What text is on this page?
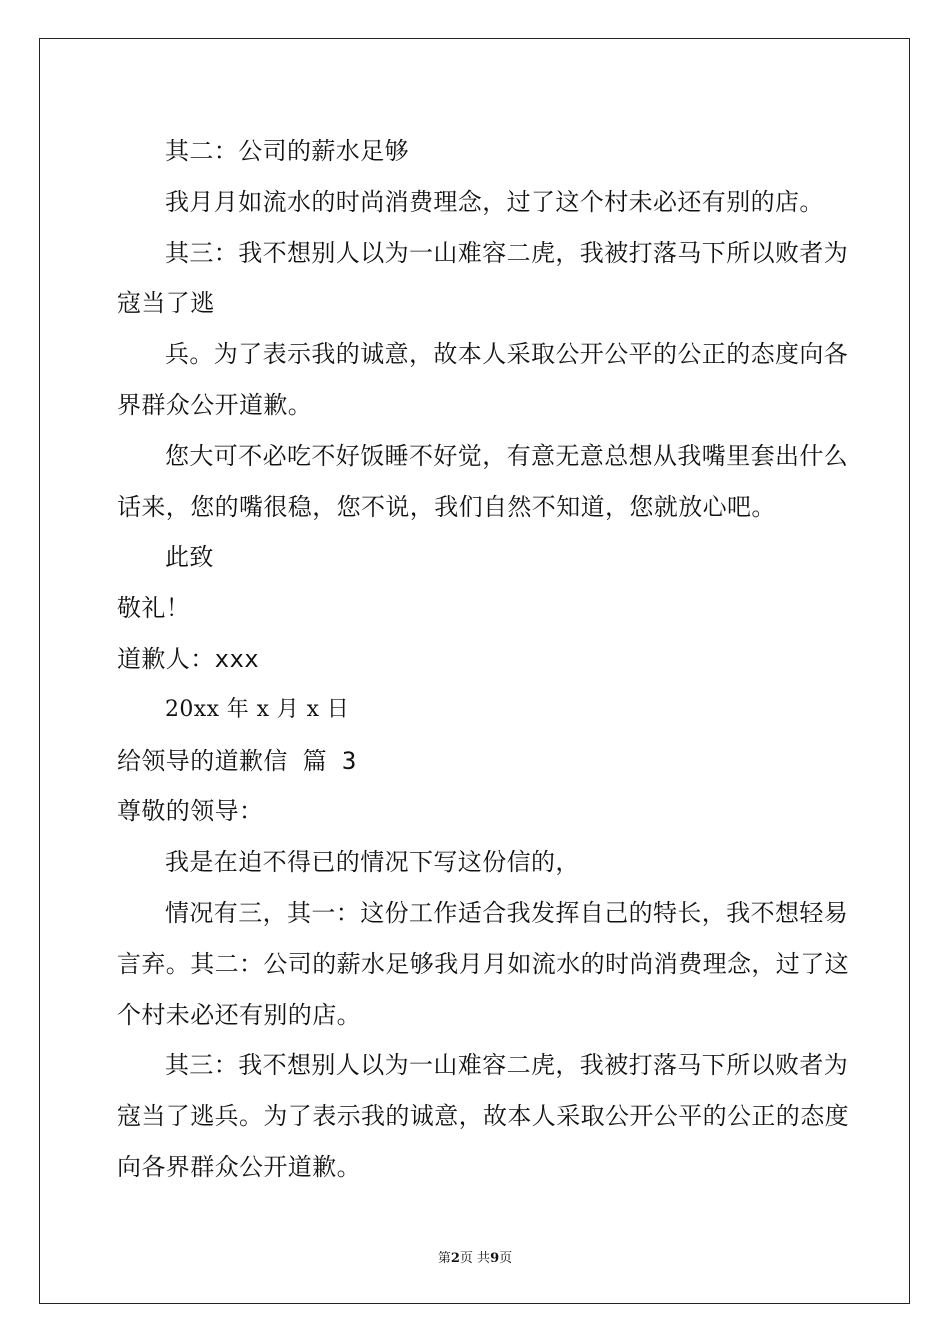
其二：公司的薪水足够
我月月如流水的时尚消费理念，过了这个村未必还有别的店。
其三：我不想别人以为一山难容二虎，我被打落马下所以败者为
寇当了逃
兵。为了表示我的诚意，故本人采取公开公平的公正的态度向各
界群众公开道歉。
您大可不必吃不好饭睡不好觉，有意无意总想从我嘴里套出什么
话来，您的嘴很稳，您不说，我们自然不知道，您就放心吧。
此致
敬礼！
道歉人：xxx
20xx 年 x 月 x 日
给领导的道歉信 篇 3
尊敬的领导：
我是在迫不得已的情况下写这份信的，
情况有三，其一：这份工作适合我发挥自己的特长，我不想轻易
言弃。其二：公司的薪水足够我月月如流水的时尚消费理念，过了这
个村未必还有别的店。
其三：我不想别人以为一山难容二虎，我被打落马下所以败者为
寇当了逃兵。为了表示我的诚意，故本人采取公开公平的公正的态度
向各界群众公开道歉。
第2页 共9页
